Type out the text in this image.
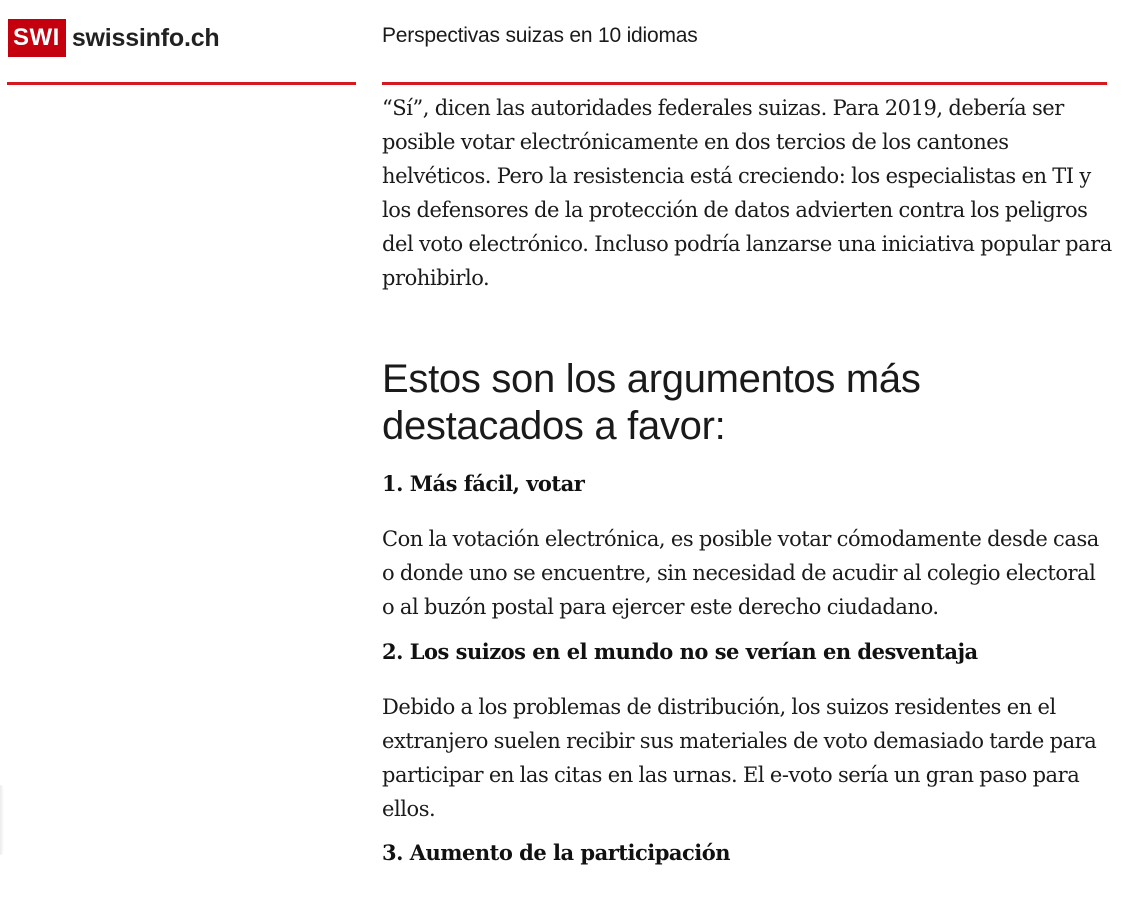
SWI swissinfo.ch	Perspectivas suizas en 10 idiomas

“Sí”, dicen las autoridades federales suizas. Para 2019, debería ser posible votar electrónicamente en dos tercios de los cantones helvéticos. Pero la resistencia está creciendo: los especialistas en TI y los defensores de la protección de datos advierten contra los peligros del voto electrónico. Incluso podría lanzarse una iniciativa popular para prohibirlo.

Estos son los argumentos más destacados a favor:
1. Más fácil, votar

Con la votación electrónica, es posible votar cómodamente desde casa o donde uno se encuentre, sin necesidad de acudir al colegio electoral o al buzón postal para ejercer este derecho ciudadano.

2. Los suizos en el mundo no se verían en desventaja

Debido a los problemas de distribución, los suizos residentes en el extranjero suelen recibir sus materiales de voto demasiado tarde para participar en las citas en las urnas. El e-voto sería un gran paso para ellos.

3. Aumento de la participación
